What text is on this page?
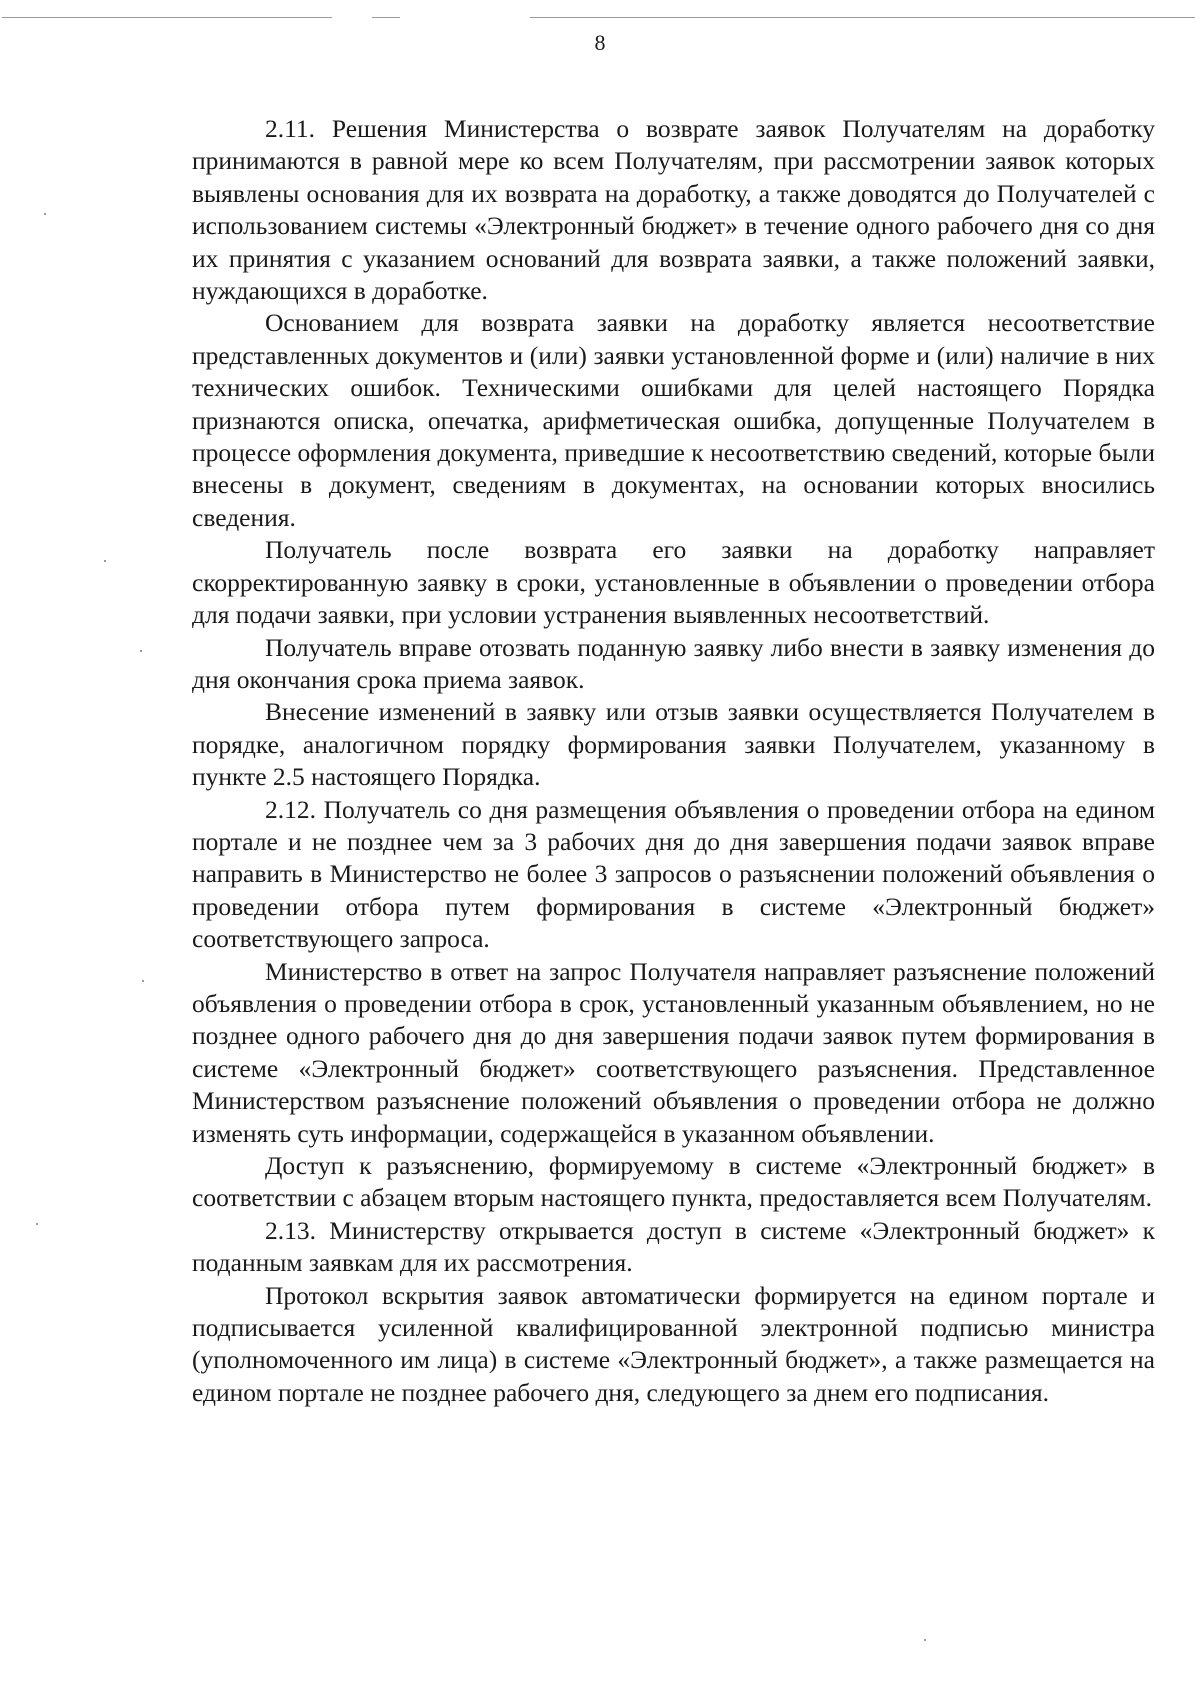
8

2.11. Решения Министерства о возврате заявок Получателям на доработку принимаются в равной мере ко всем Получателям, при рассмотрении заявок которых выявлены основания для их возврата на доработку, а также доводятся до Получателей с использованием системы «Электронный бюджет» в течение одного рабочего дня со дня их принятия с указанием оснований для возврата заявки, а также положений заявки, нуждающихся в доработке.

Основанием для возврата заявки на доработку является несоответствие представленных документов и (или) заявки установленной форме и (или) наличие в них технических ошибок. Техническими ошибками для целей настоящего Порядка признаются описка, опечатка, арифметическая ошибка, допущенные Получателем в процессе оформления документа, приведшие к несоответствию сведений, которые были внесены в документ, сведениям в документах, на основании которых вносились сведения.

Получатель после возврата его заявки на доработку направляет скорректированную заявку в сроки, установленные в объявлении о проведении отбора для подачи заявки, при условии устранения выявленных несоответствий.

Получатель вправе отозвать поданную заявку либо внести в заявку изменения до дня окончания срока приема заявок.

Внесение изменений в заявку или отзыв заявки осуществляется Получателем в порядке, аналогичном порядку формирования заявки Получателем, указанному в пункте 2.5 настоящего Порядка.

2.12. Получатель со дня размещения объявления о проведении отбора на едином портале и не позднее чем за 3 рабочих дня до дня завершения подачи заявок вправе направить в Министерство не более 3 запросов о разъяснении положений объявления о проведении отбора путем формирования в системе «Электронный бюджет» соответствующего запроса.

Министерство в ответ на запрос Получателя направляет разъяснение положений объявления о проведении отбора в срок, установленный указанным объявлением, но не позднее одного рабочего дня до дня завершения подачи заявок путем формирования в системе «Электронный бюджет» соответствующего разъяснения. Представленное Министерством разъяснение положений объявления о проведении отбора не должно изменять суть информации, содержащейся в указанном объявлении.

Доступ к разъяснению, формируемому в системе «Электронный бюджет» в соответствии с абзацем вторым настоящего пункта, предоставляется всем Получателям.

2.13. Министерству открывается доступ в системе «Электронный бюджет» к поданным заявкам для их рассмотрения.

Протокол вскрытия заявок автоматически формируется на едином портале и подписывается усиленной квалифицированной электронной подписью министра (уполномоченного им лица) в системе «Электронный бюджет», а также размещается на едином портале не позднее рабочего дня, следующего за днем его подписания.
